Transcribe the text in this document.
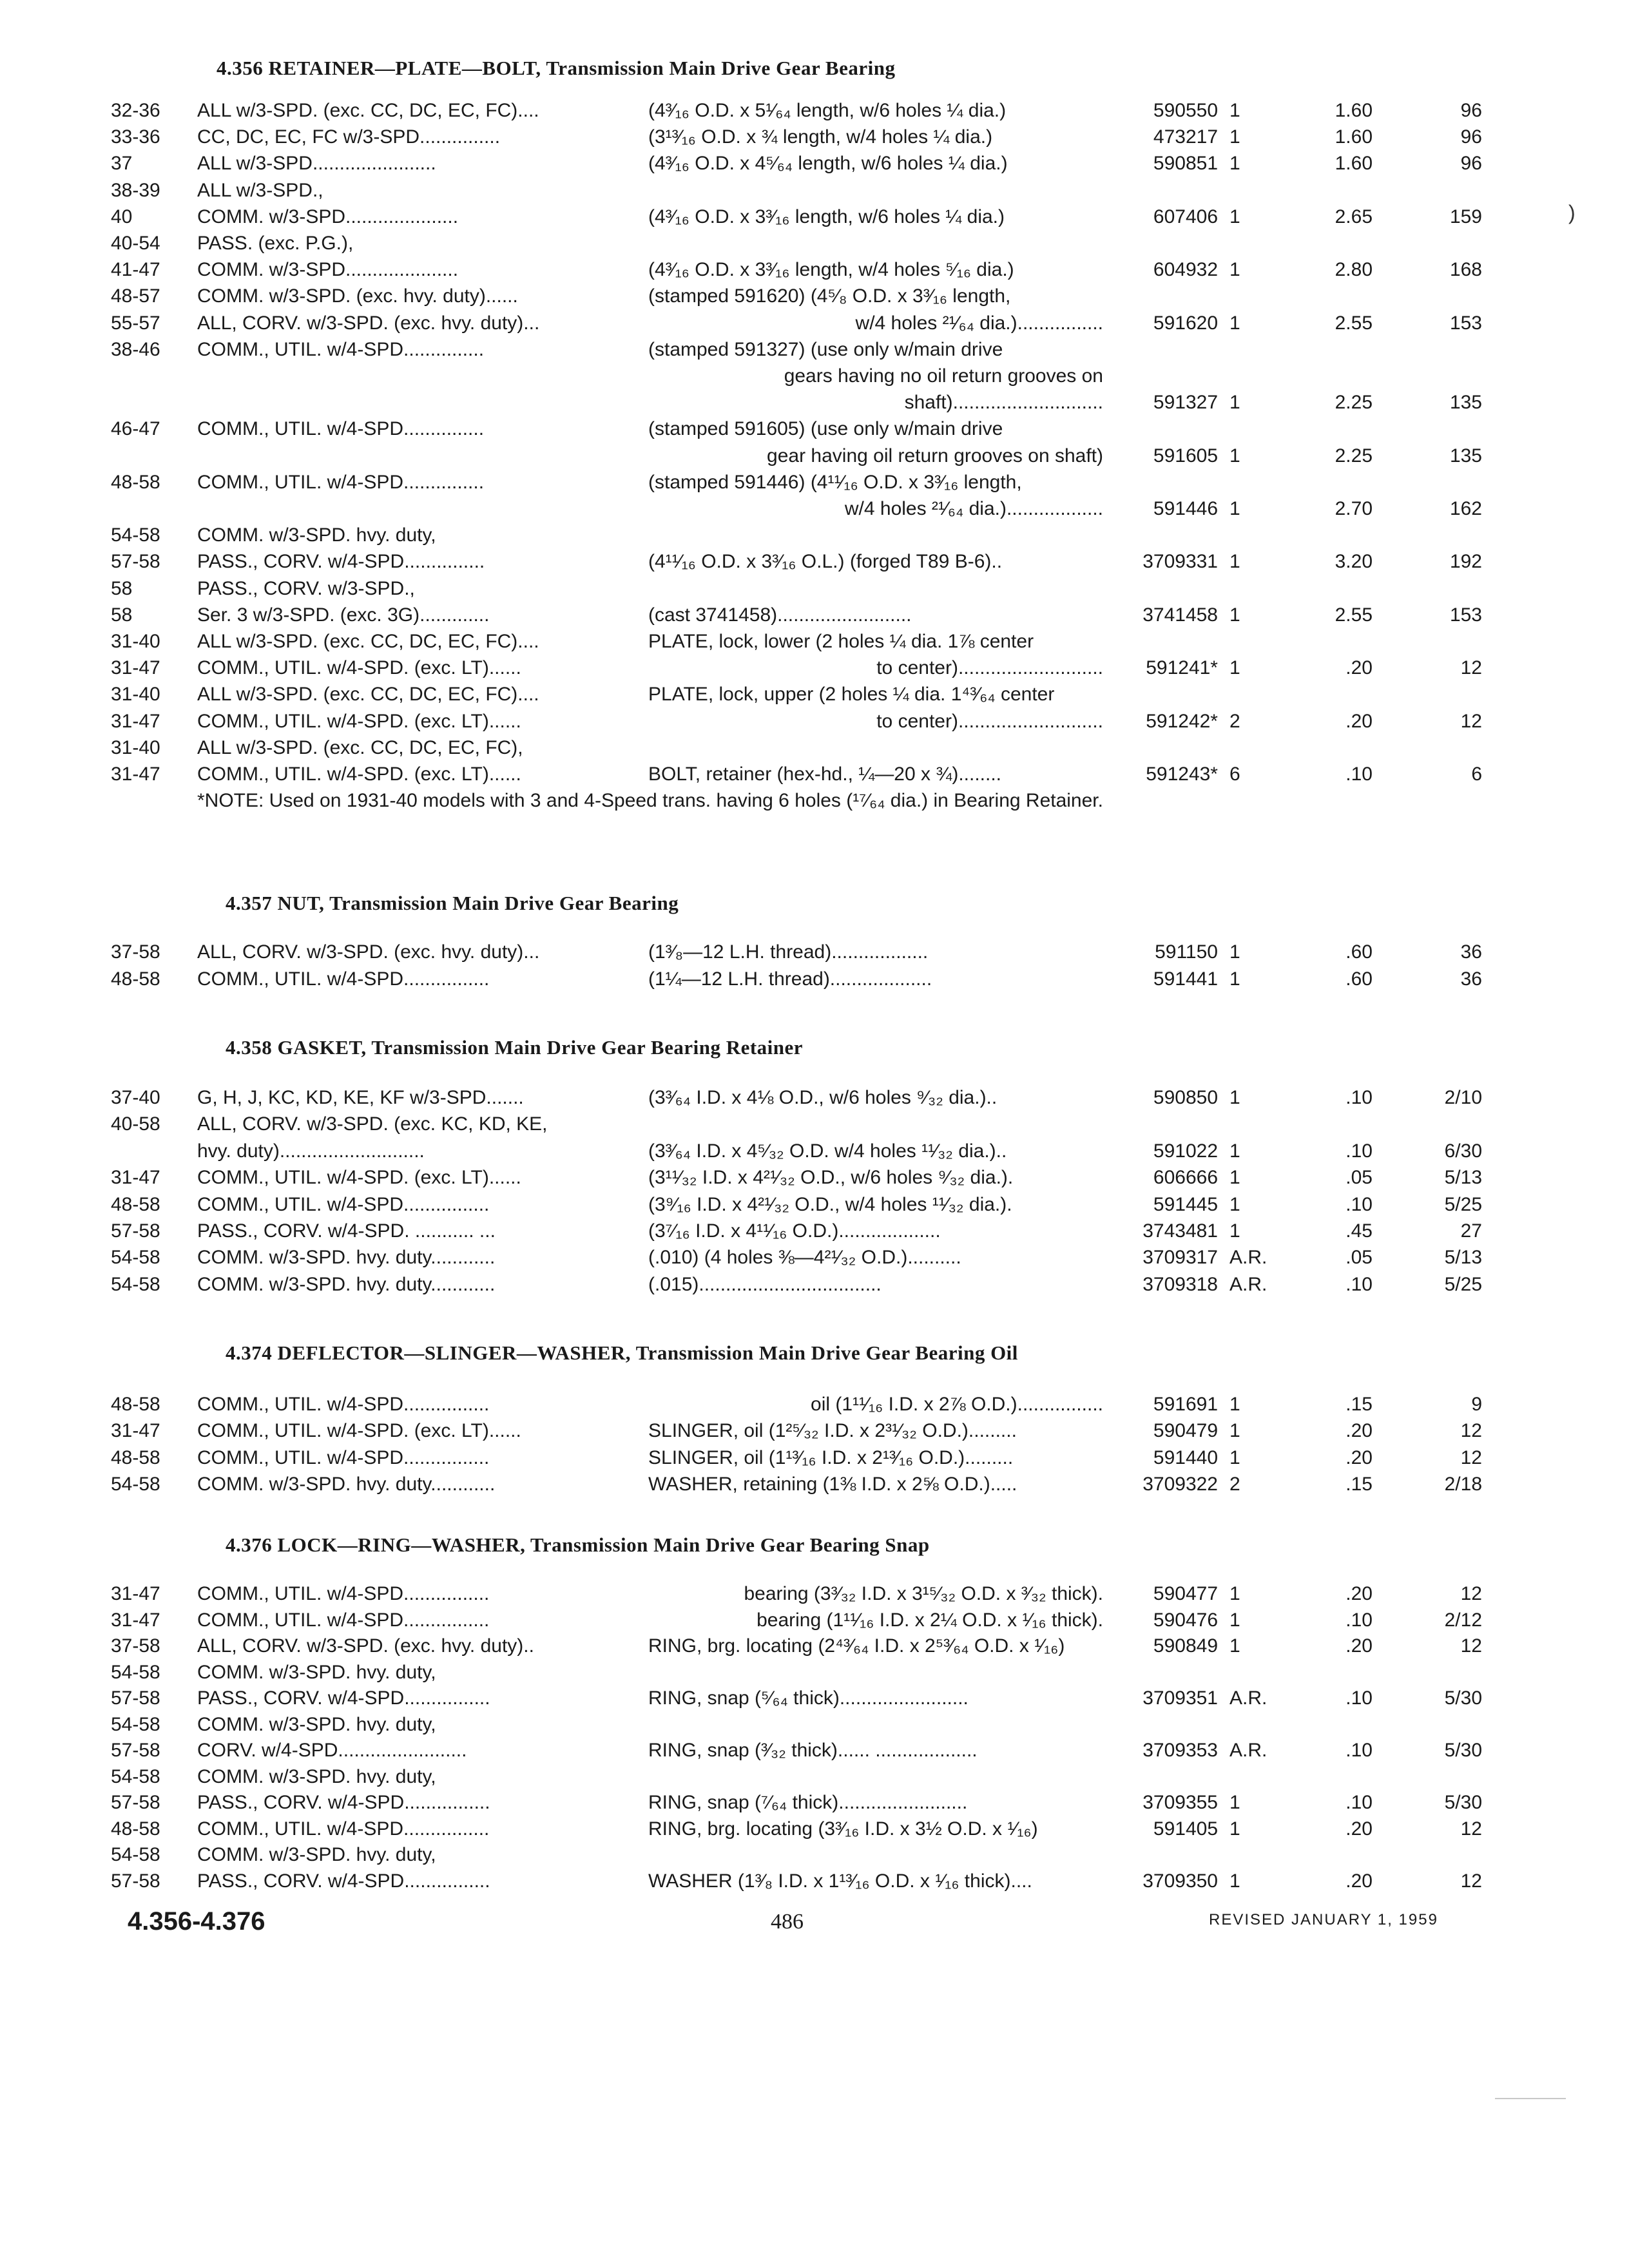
4.356 RETAINER—PLATE—BOLT, Transmission Main Drive Gear Bearing
32-36 ALL w/3-SPD. (exc. CC, DC, EC, FC)....	(4³⁄₁₆ O.D. x 5¹⁄₆₄ length, w/6 holes ¼ dia.)	590550 1	1.60	96
33-36 CC, DC, EC, FC w/3-SPD...............	(3¹³⁄₁₆ O.D. x ¾ length, w/4 holes ¼ dia.)	473217 1	1.60	96
37	ALL w/3-SPD.......................	(4³⁄₁₆ O.D. x 4⁵⁄₆₄ length, w/6 holes ¼ dia.)	590851 1	1.60	96
38-39 ALL w/3-SPD.,
40	COMM. w/3-SPD.....................	(4³⁄₁₆ O.D. x 3³⁄₁₆ length, w/6 holes ¼ dia.)	607406 1	2.65	159
40-54 PASS. (exc. P.G.),
41-47 COMM. w/3-SPD.....................	(4³⁄₁₆ O.D. x 3³⁄₁₆ length, w/4 holes ⁵⁄₁₆ dia.)	604932 1	2.80	168
48-57 COMM. w/3-SPD. (exc. hvy. duty)......	(stamped 591620) (4⁵⁄₈ O.D. x 3³⁄₁₆ length,
55-57 ALL, CORV. w/3-SPD. (exc. hvy. duty)...	w/4 holes ²¹⁄₆₄ dia.)................	591620 1	2.55	153
38-46 COMM., UTIL. w/4-SPD...............	(stamped 591327) (use only w/main drive
gears having no oil return grooves on
shaft)............................	591327 1	2.25	135
46-47 COMM., UTIL. w/4-SPD...............	(stamped 591605) (use only w/main drive
gear having oil return grooves on shaft)	591605 1	2.25	135
48-58 COMM., UTIL. w/4-SPD...............	(stamped 591446) (4¹¹⁄₁₆ O.D. x 3³⁄₁₆ length,
w/4 holes ²¹⁄₆₄ dia.)..................	591446 1	2.70	162
54-58 COMM. w/3-SPD. hvy. duty,
57-58 PASS., CORV. w/4-SPD...............	(4¹¹⁄₁₆ O.D. x 3³⁄₁₆ O.L.) (forged T89 B-6)..	3709331 1	3.20	192
58	PASS., CORV. w/3-SPD.,
58	Ser. 3 w/3-SPD. (exc. 3G).............	(cast 3741458).........................	3741458 1	2.55	153
31-40 ALL w/3-SPD. (exc. CC, DC, EC, FC)....	PLATE, lock, lower (2 holes ¼ dia. 1⅞ center
31-47 COMM., UTIL. w/4-SPD. (exc. LT)......	to center)...........................	591241* 1	.20	12
31-40 ALL w/3-SPD. (exc. CC, DC, EC, FC)....	PLATE, lock, upper (2 holes ¼ dia. 1⁴³⁄₆₄ center
31-47 COMM., UTIL. w/4-SPD. (exc. LT)......	to center)...........................	591242* 2	.20	12
31-40 ALL w/3-SPD. (exc. CC, DC, EC, FC),
31-47 COMM., UTIL. w/4-SPD. (exc. LT)......	BOLT, retainer (hex-hd., ¼—20 x ¾)........	591243* 6	.10	6
*NOTE: Used on 1931-40 models with 3 and 4-Speed trans. having 6 holes (¹⁷⁄₆₄ dia.) in Bearing Retainer.
4.357 NUT, Transmission Main Drive Gear Bearing
37-58 ALL, CORV. w/3-SPD. (exc. hvy. duty)...	(1³⁄₈—12 L.H. thread)..................	591150 1	.60	36
48-58 COMM., UTIL. w/4-SPD................	(1¼—12 L.H. thread)...................	591441 1	.60	36
4.358 GASKET, Transmission Main Drive Gear Bearing Retainer
37-40 G, H, J, KC, KD, KE, KF w/3-SPD.......	(3³⁄₆₄ I.D. x 4⅛ O.D., w/6 holes ⁹⁄₃₂ dia.)..	590850 1	.10	2/10
40-58 ALL, CORV. w/3-SPD. (exc. KC, KD, KE,
hvy. duty)...........................	(3³⁄₆₄ I.D. x 4⁵⁄₃₂ O.D. w/4 holes ¹¹⁄₃₂ dia.)..	591022 1	.10	6/30
31-47 COMM., UTIL. w/4-SPD. (exc. LT)......	(3¹¹⁄₃₂ I.D. x 4²¹⁄₃₂ O.D., w/6 holes ⁹⁄₃₂ dia.).	606666 1	.05	5/13
48-58 COMM., UTIL. w/4-SPD................	(3⁹⁄₁₆ I.D. x 4²¹⁄₃₂ O.D., w/4 holes ¹¹⁄₃₂ dia.).	591445 1	.10	5/25
57-58 PASS., CORV. w/4-SPD. ........... ...	(3⁷⁄₁₆ I.D. x 4¹¹⁄₁₆ O.D.)...................	3743481 1	.45	27
54-58 COMM. w/3-SPD. hvy. duty............	(.010) (4 holes ⅜—4²¹⁄₃₂ O.D.)..........	3709317 A.R.	.05	5/13
54-58 COMM. w/3-SPD. hvy. duty............	(.015)..................................	3709318 A.R.	.10	5/25
4.374 DEFLECTOR—SLINGER—WASHER, Transmission Main Drive Gear Bearing Oil
48-58 COMM., UTIL. w/4-SPD................	oil (1¹¹⁄₁₆ I.D. x 2⅞ O.D.)................	591691 1	.15	9
31-47 COMM., UTIL. w/4-SPD. (exc. LT)......	SLINGER, oil (1²⁵⁄₃₂ I.D. x 2³¹⁄₃₂ O.D.).........	590479 1	.20	12
48-58 COMM., UTIL. w/4-SPD................	SLINGER, oil (1¹³⁄₁₆ I.D. x 2¹³⁄₁₆ O.D.).........	591440 1	.20	12
54-58 COMM. w/3-SPD. hvy. duty............	WASHER, retaining (1⅜ I.D. x 2⅝ O.D.).....	3709322 2	.15	2/18
4.376 LOCK—RING—WASHER, Transmission Main Drive Gear Bearing Snap
31-47 COMM., UTIL. w/4-SPD................	bearing (3³⁄₃₂ I.D. x 3¹⁵⁄₃₂ O.D. x ³⁄₃₂ thick).	590477 1	.20	12
31-47 COMM., UTIL. w/4-SPD................	bearing (1¹¹⁄₁₆ I.D. x 2¼ O.D. x ¹⁄₁₆ thick).	590476 1	.10	2/12
37-58 ALL, CORV. w/3-SPD. (exc. hvy. duty)..	RING, brg. locating (2⁴³⁄₆₄ I.D. x 2⁵³⁄₆₄ O.D. x ¹⁄₁₆)	590849 1	.20	12
54-58 COMM. w/3-SPD. hvy. duty,
57-58 PASS., CORV. w/4-SPD................	RING, snap (⁵⁄₆₄ thick)........................	3709351 A.R.	.10	5/30
54-58 COMM. w/3-SPD. hvy. duty,
57-58 CORV. w/4-SPD........................	RING, snap (³⁄₃₂ thick)...... ...................	3709353 A.R.	.10	5/30
54-58 COMM. w/3-SPD. hvy. duty,
57-58 PASS., CORV. w/4-SPD................	RING, snap (⁷⁄₆₄ thick)........................	3709355 1	.10	5/30
48-58 COMM., UTIL. w/4-SPD................	RING, brg. locating (3³⁄₁₆ I.D. x 3½ O.D. x ¹⁄₁₆)	591405 1	.20	12
54-58 COMM. w/3-SPD. hvy. duty,
57-58 PASS., CORV. w/4-SPD................	WASHER (1³⁄₈ I.D. x 1¹³⁄₁₆ O.D. x ¹⁄₁₆ thick)....	3709350 1	.20	12
4.356-4.376	486	REVISED JANUARY 1, 1959
)
